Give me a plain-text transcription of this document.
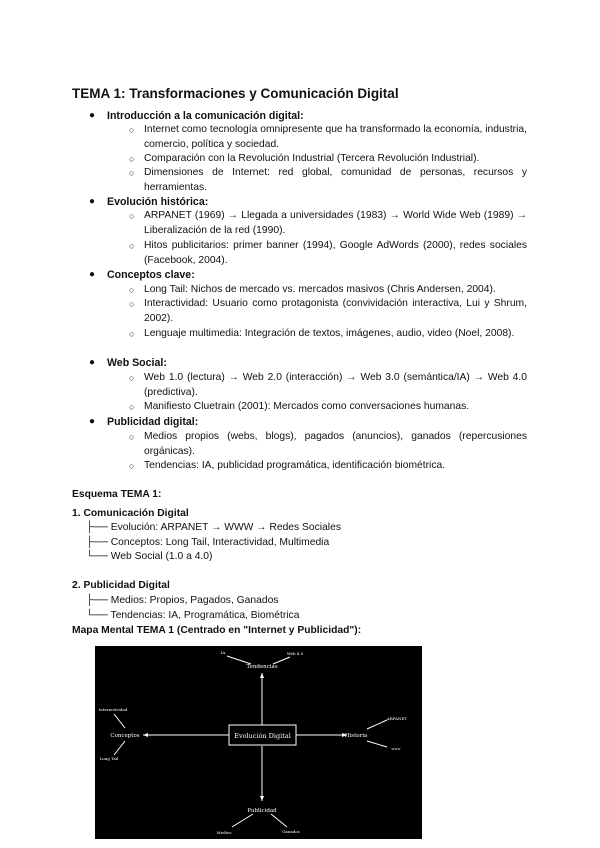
TEMA 1: Transformaciones y Comunicación Digital
● Introducción a la comunicación digital:
○ Internet como tecnología omnipresente que ha transformado la economía, industria, comercio, política y sociedad.
○ Comparación con la Revolución Industrial (Tercera Revolución Industrial).
○ Dimensiones de Internet: red global, comunidad de personas, recursos y herramientas.
● Evolución histórica:
○ ARPANET (1969) → Llegada a universidades (1983) → World Wide Web (1989) → Liberalización de la red (1990).
○ Hitos publicitarios: primer banner (1994), Google AdWords (2000), redes sociales (Facebook, 2004).
● Conceptos clave:
○ Long Tail: Nichos de mercado vs. mercados masivos (Chris Andersen, 2004).
○ Interactividad: Usuario como protagonista (convividación interactiva, Lui y Shrum, 2002).
○ Lenguaje multimedia: Integración de textos, imágenes, audio, video (Noel, 2008).
● Web Social:
○ Web 1.0 (lectura) → Web 2.0 (interacción) → Web 3.0 (semántica/IA) → Web 4.0 (predictiva).
○ Manifiesto Cluetrain (2001): Mercados como conversaciones humanas.
● Publicidad digital:
○ Medios propios (webs, blogs), pagados (anuncios), ganados (repercusiones orgánicas).
○ Tendencias: IA, publicidad programática, identificación biométrica.
Esquema TEMA 1:
1. Comunicación Digital
├── Evolución: ARPANET → WWW → Redes Sociales
├── Conceptos: Long Tail, Interactividad, Multimedia
└── Web Social (1.0 a 4.0)
2. Publicidad Digital
├── Medios: Propios, Pagados, Ganados
└── Tendencias: IA, Programática, Biométrica
Mapa Mental TEMA 1 (Centrado en "Internet y Publicidad"):
Evolución Digital
Tendencias
IA	Web 4.0
Conceptos
Interactividad
Long Tail
Historia
ARPANET
WWW
Publicidad
Medios	Ganados
